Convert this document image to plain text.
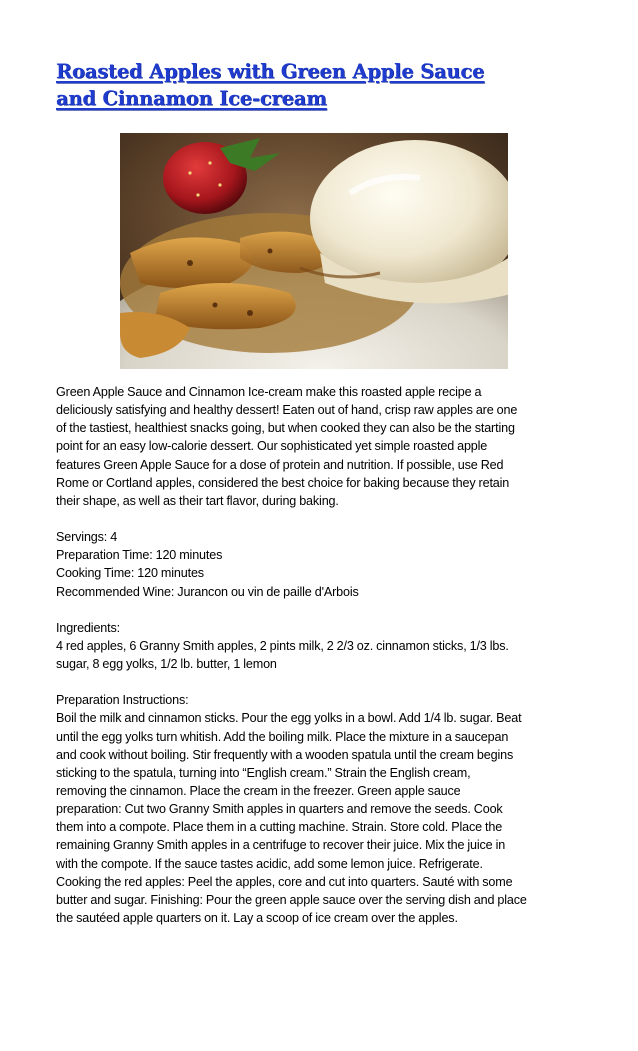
Roasted Apples with Green Apple Sauce
and Cinnamon Ice-cream

Green Apple Sauce and Cinnamon Ice-cream make this roasted apple recipe a
deliciously satisfying and healthy dessert! Eaten out of hand, crisp raw apples are one
of the tastiest, healthiest snacks going, but when cooked they can also be the starting
point for an easy low-calorie dessert. Our sophisticated yet simple roasted apple
features Green Apple Sauce for a dose of protein and nutrition. If possible, use Red
Rome or Cortland apples, considered the best choice for baking because they retain
their shape, as well as their tart flavor, during baking.

Servings: 4
Preparation Time: 120 minutes
Cooking Time: 120 minutes
Recommended Wine: Jurancon ou vin de paille d'Arbois

Ingredients:
4 red apples, 6 Granny Smith apples, 2 pints milk, 2 2/3 oz. cinnamon sticks, 1/3 lbs.
sugar, 8 egg yolks, 1/2 lb. butter, 1 lemon

Preparation Instructions:
Boil the milk and cinnamon sticks. Pour the egg yolks in a bowl. Add 1/4 lb. sugar. Beat
until the egg yolks turn whitish. Add the boiling milk. Place the mixture in a saucepan
and cook without boiling. Stir frequently with a wooden spatula until the cream begins
sticking to the spatula, turning into “English cream.” Strain the English cream,
removing the cinnamon. Place the cream in the freezer. Green apple sauce
preparation: Cut two Granny Smith apples in quarters and remove the seeds. Cook
them into a compote. Place them in a cutting machine. Strain. Store cold. Place the
remaining Granny Smith apples in a centrifuge to recover their juice. Mix the juice in
with the compote. If the sauce tastes acidic, add some lemon juice. Refrigerate.
Cooking the red apples: Peel the apples, core and cut into quarters. Sauté with some
butter and sugar. Finishing: Pour the green apple sauce over the serving dish and place
the sautéed apple quarters on it. Lay a scoop of ice cream over the apples.
